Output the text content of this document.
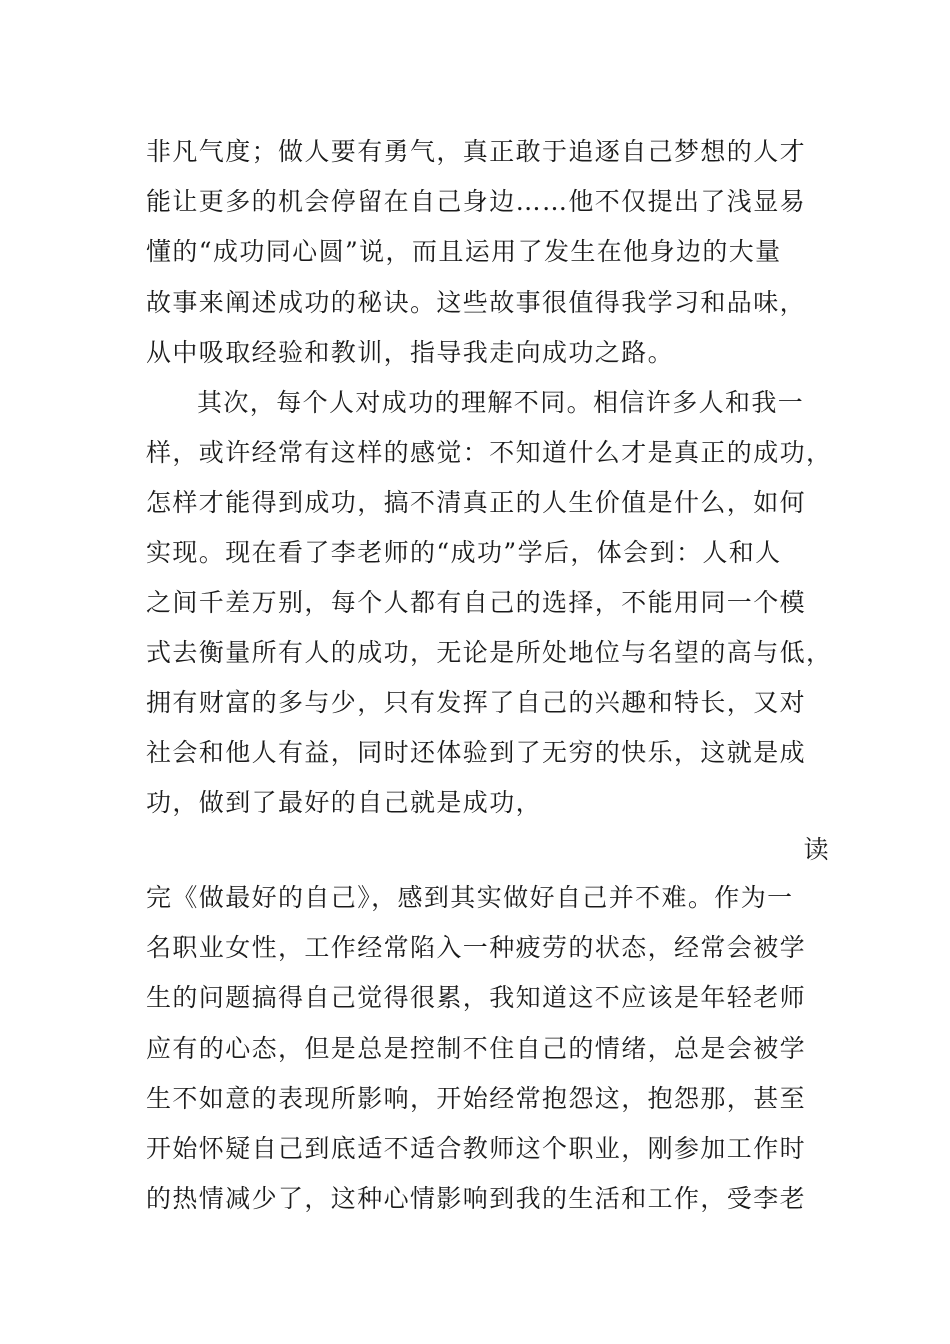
非凡气度；做人要有勇气，真正敢于追逐自己梦想的人才
能让更多的机会停留在自己身边……他不仅提出了浅显易
懂的“成功同心圆”说，而且运用了发生在他身边的大量
故事来阐述成功的秘诀。这些故事很值得我学习和品味，
从中吸取经验和教训，指导我走向成功之路。
其次，每个人对成功的理解不同。相信许多人和我一
样，或许经常有这样的感觉：不知道什么才是真正的成功，
怎样才能得到成功，搞不清真正的人生价值是什么，如何
实现。现在看了李老师的“成功”学后，体会到：人和人
之间千差万别，每个人都有自己的选择，不能用同一个模
式去衡量所有人的成功，无论是所处地位与名望的高与低，
拥有财富的多与少，只有发挥了自己的兴趣和特长，又对
社会和他人有益，同时还体验到了无穷的快乐，这就是成
功，做到了最好的自己就是成功，
读
完《做最好的自己》，感到其实做好自己并不难。作为一
名职业女性，工作经常陷入一种疲劳的状态，经常会被学
生的问题搞得自己觉得很累，我知道这不应该是年轻老师
应有的心态，但是总是控制不住自己的情绪，总是会被学
生不如意的表现所影响，开始经常抱怨这，抱怨那，甚至
开始怀疑自己到底适不适合教师这个职业，刚参加工作时
的热情减少了，这种心情影响到我的生活和工作，受李老
